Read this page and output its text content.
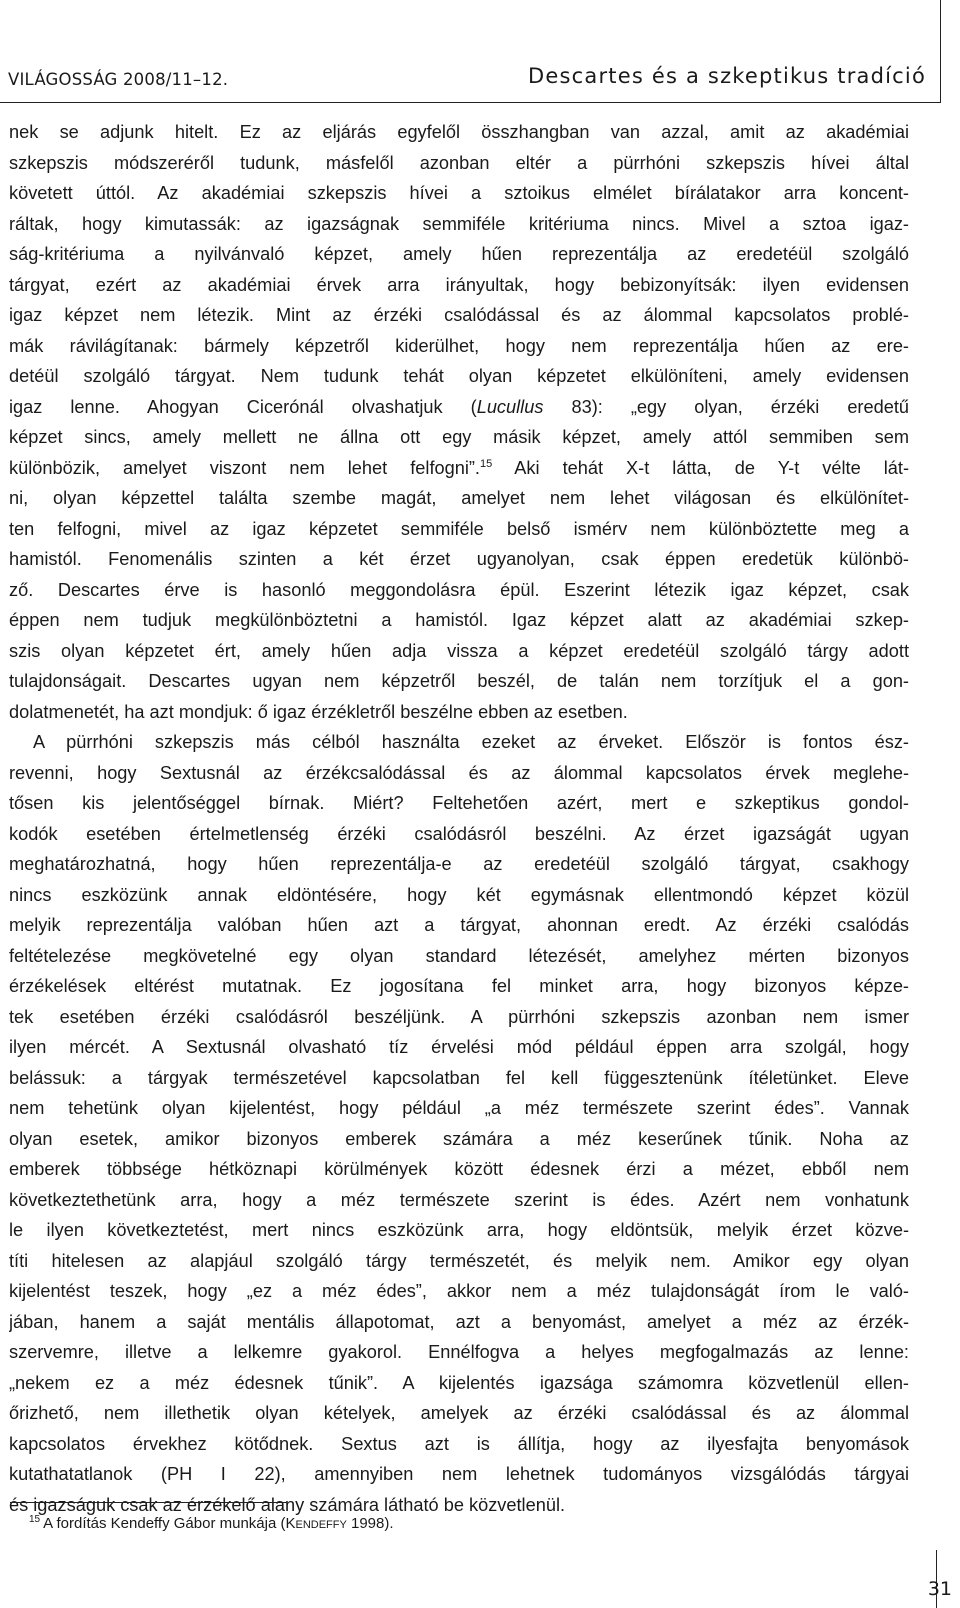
VILÁGOSSÁG 2008/11–12.	Descartes és a szkeptikus tradíció
nek se adjunk hitelt. Ez az eljárás egyfelől összhangban van azzal, amit az akadémiai
szkepszis módszeréről tudunk, másfelől azonban eltér a pürrhóni szkepszis hívei által
követett úttól. Az akadémiai szkepszis hívei a sztoikus elmélet bírálatakor arra koncent-
ráltak, hogy kimutassák: az igazságnak semmiféle kritériuma nincs. Mivel a sztoa igaz-
ság-kritériuma a nyilvánvaló képzet, amely hűen reprezentálja az eredetéül szolgáló
tárgyat, ezért az akadémiai érvek arra irányultak, hogy bebizonyítsák: ilyen evidensen
igaz képzet nem létezik. Mint az érzéki csalódással és az álommal kapcsolatos problé-
mák rávilágítanak: bármely képzetről kiderülhet, hogy nem reprezentálja hűen az ere-
detéül szolgáló tárgyat. Nem tudunk tehát olyan képzetet elkülöníteni, amely evidensen
igaz lenne. Ahogyan Cicerónál olvashatjuk (Lucullus 83): „egy olyan, érzéki eredetű
képzet sincs, amely mellett ne állna ott egy másik képzet, amely attól semmiben sem
különbözik, amelyet viszont nem lehet felfogni”.$^{15}$ Aki tehát X-t látta, de Y-t vélte lát-
ni, olyan képzettel találta szembe magát, amelyet nem lehet világosan és elkülönítet-
ten felfogni, mivel az igaz képzetet semmiféle belső ismérv nem különböztette meg a
hamistól. Fenomenális szinten a két érzet ugyanolyan, csak éppen eredetük különbö-
ző. Descartes érve is hasonló meggondolásra épül. Eszerint létezik igaz képzet, csak
éppen nem tudjuk megkülönböztetni a hamistól. Igaz képzet alatt az akadémiai szkep-
szis olyan képzetet ért, amely hűen adja vissza a képzet eredetéül szolgáló tárgy adott
tulajdonságait. Descartes ugyan nem képzetről beszél, de talán nem torzítjuk el a gon-
dolatmenetét, ha azt mondjuk: ő igaz érzékletről beszélne ebben az esetben.
A pürrhóni szkepszis más célból használta ezeket az érveket. Először is fontos ész-
revenni, hogy Sextusnál az érzékcsalódással és az álommal kapcsolatos érvek meglehe-
tősen kis jelentőséggel bírnak. Miért? Feltehetően azért, mert e szkeptikus gondol-
kodók esetében értelmetlenség érzéki csalódásról beszélni. Az érzet igazságát ugyan
meghatározhatná, hogy hűen reprezentálja-e az eredetéül szolgáló tárgyat, csakhogy
nincs eszközünk annak eldöntésére, hogy két egymásnak ellentmondó képzet közül
melyik reprezentálja valóban hűen azt a tárgyat, ahonnan eredt. Az érzéki csalódás
feltételezése megkövetelné egy olyan standard létezését, amelyhez mérten bizonyos
érzékelések eltérést mutatnak. Ez jogosítana fel minket arra, hogy bizonyos képze-
tek esetében érzéki csalódásról beszéljünk. A pürrhóni szkepszis azonban nem ismer
ilyen mércét. A Sextusnál olvasható tíz érvelési mód például éppen arra szolgál, hogy
belássuk: a tárgyak természetével kapcsolatban fel kell függesztenünk ítéletünket. Eleve
nem tehetünk olyan kijelentést, hogy például „a méz természete szerint édes”. Vannak
olyan esetek, amikor bizonyos emberek számára a méz keserűnek tűnik. Noha az
emberek többsége hétköznapi körülmények között édesnek érzi a mézet, ebből nem
következtethetünk arra, hogy a méz természete szerint is édes. Azért nem vonhatunk
le ilyen következtetést, mert nincs eszközünk arra, hogy eldöntsük, melyik érzet közve-
títi hitelesen az alapjául szolgáló tárgy természetét, és melyik nem. Amikor egy olyan
kijelentést teszek, hogy „ez a méz édes”, akkor nem a méz tulajdonságát írom le való-
jában, hanem a saját mentális állapotomat, azt a benyomást, amelyet a méz az érzék-
szervemre, illetve a lelkemre gyakorol. Ennélfogva a helyes megfogalmazás az lenne:
„nekem ez a méz édesnek tűnik”. A kijelentés igazsága számomra közvetlenül ellen-
őrizhető, nem illethetik olyan kételyek, amelyek az érzéki csalódással és az álommal
kapcsolatos érvekhez kötődnek. Sextus azt is állítja, hogy az ilyesfajta benyomások
kutathatatlanok (PH I 22), amennyiben nem lehetnek tudományos vizsgálódás tárgyai
és igazságuk csak az érzékelő alany számára látható be közvetlenül.
$^{15}$ A fordítás Kendeffy Gábor munkája (Kendeffy 1998).
31
